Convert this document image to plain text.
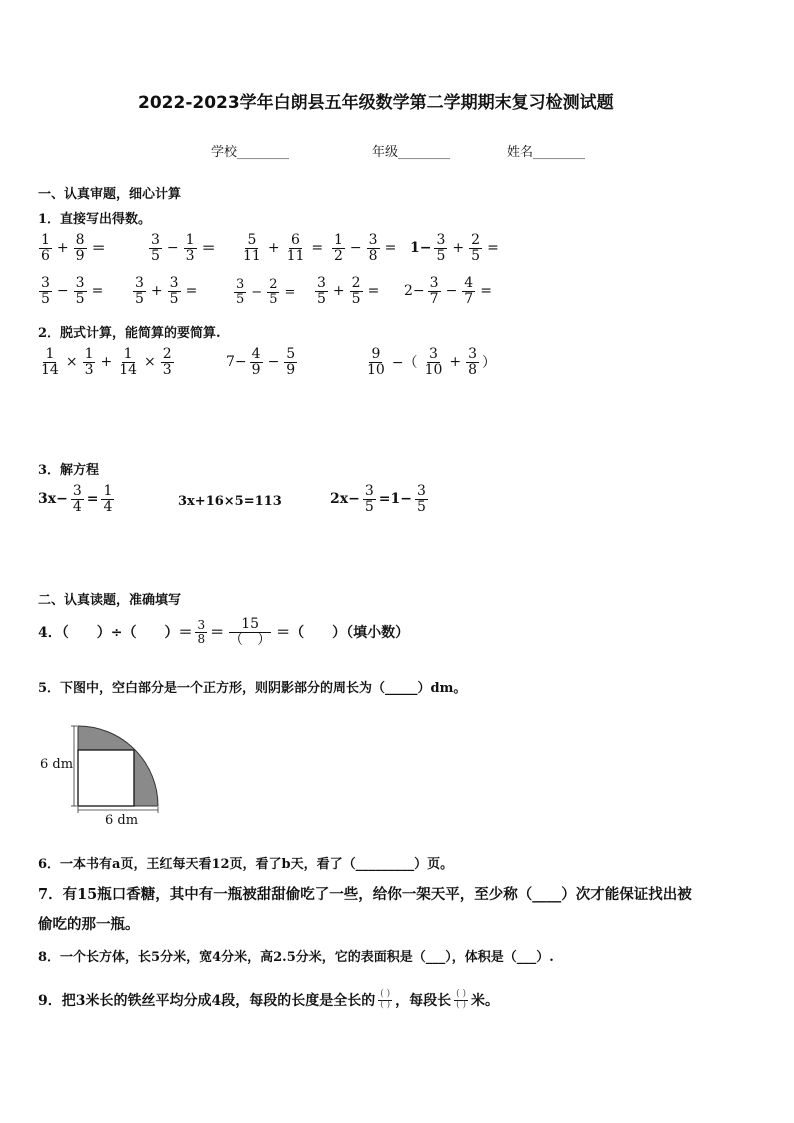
2022-2023学年白朗县五年级数学第二学期期末复习检测试题
学校________	年级________	姓名________
一、认真审题，细心计算
1．直接写出得数。
$\frac{1}{6} + \frac{8}{9}$ ＝	$\frac{3}{5} - \frac{1}{3} = \frac{5}{11} + \frac{6}{11} = \frac{1}{2} - \frac{3}{8} = 1- \frac{3}{5} + \frac{2}{5}$ =
$\frac{3}{5} - \frac{3}{5} = \frac{3}{5} + \frac{3}{5}$ =	$\frac{3}{5} - \frac{2}{5} = \frac{3}{5} + \frac{2}{5} = 2- \frac{3}{7} - \frac{4}{7}$ =
2．脱式计算，能简算的要简算.
$\frac{1}{14} \times \frac{1}{3} + \frac{1}{14} \times \frac{2}{3}$	$7- \frac{4}{9} - \frac{5}{9}$	$\frac{9}{10}$ −（ $\frac{3}{10} + \frac{3}{8}$ ）
3．解方程
$3x- \frac{3}{4} = \frac{1}{4}$	3x+16×5=113	$2x- \frac{3}{5} =1- \frac{3}{5}$
二、认真读题，准确填写
4．（　　）÷（　　）＝ $\frac{3}{8} = \frac{15}{( )}$ ＝（　　）（填小数）
5．下图中，空白部分是一个正方形，则阴影部分的周长为（_____）dm。
6 dm
6 dm
6．一本书有a页，王红每天看12页，看了b天，看了（_________）页。
7．有15瓶口香糖，其中有一瓶被甜甜偷吃了一些，给你一架天平，至少称（____）次才能保证找出被
偷吃的那一瓶。
8．一个长方体，长5分米，宽4分米，高2.5分米，它的表面积是（___），体积是（___）.
9．把3米长的铁丝平均分成4段，每段的长度是全长的 $\frac{( )}{( )}$ ，每段长 $\frac{( )}{( )}$ 米。
